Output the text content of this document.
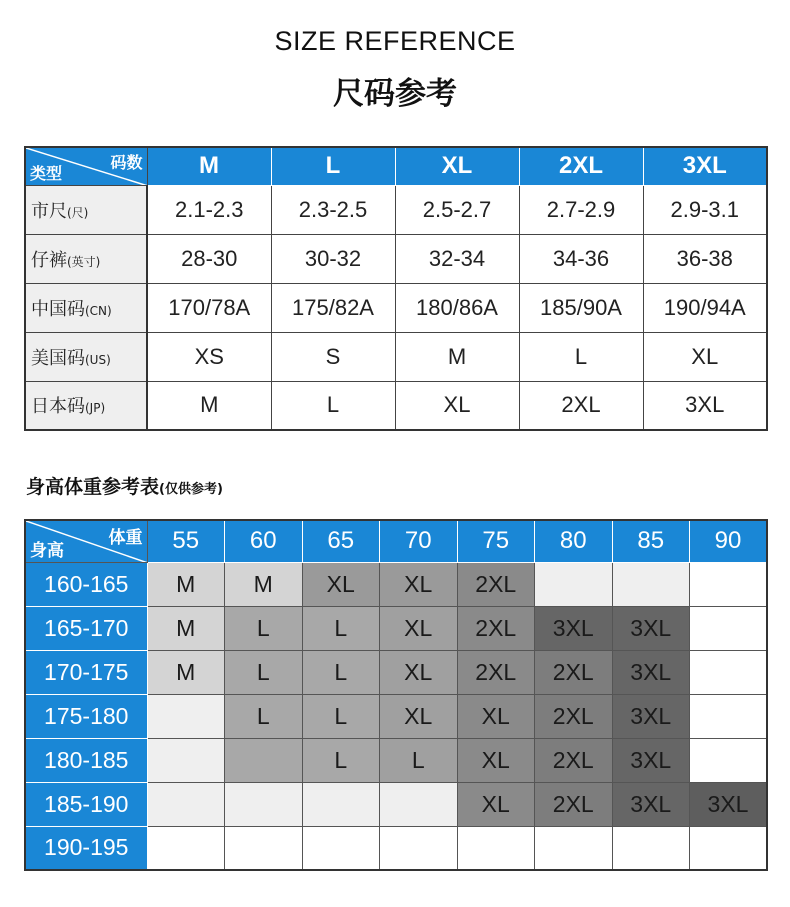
SIZE REFERENCE
尺码参考
码数
类型	M	L	XL	2XL	3XL
市尺(尺)	2.1-2.3	2.3-2.5	2.5-2.7	2.7-2.9	2.9-3.1
仔裤(英寸)	28-30	30-32	32-34	34-36	36-38
中国码(CN)	170/78A	175/82A	180/86A	185/90A	190/94A
美国码(US)	XS	S	M	L	XL
日本码(JP)	M	L	XL	2XL	3XL
身高体重参考表(仅供参考)
体重
身高	55	60	65	70	75	80	85	90
160-165	M	M	XL	XL	2XL			
165-170	M	L	L	XL	2XL	3XL	3XL	
170-175	M	L	L	XL	2XL	2XL	3XL	
175-180		L	L	XL	XL	2XL	3XL	
180-185			L	L	XL	2XL	3XL	
185-190					XL	2XL	3XL	3XL
190-195								
